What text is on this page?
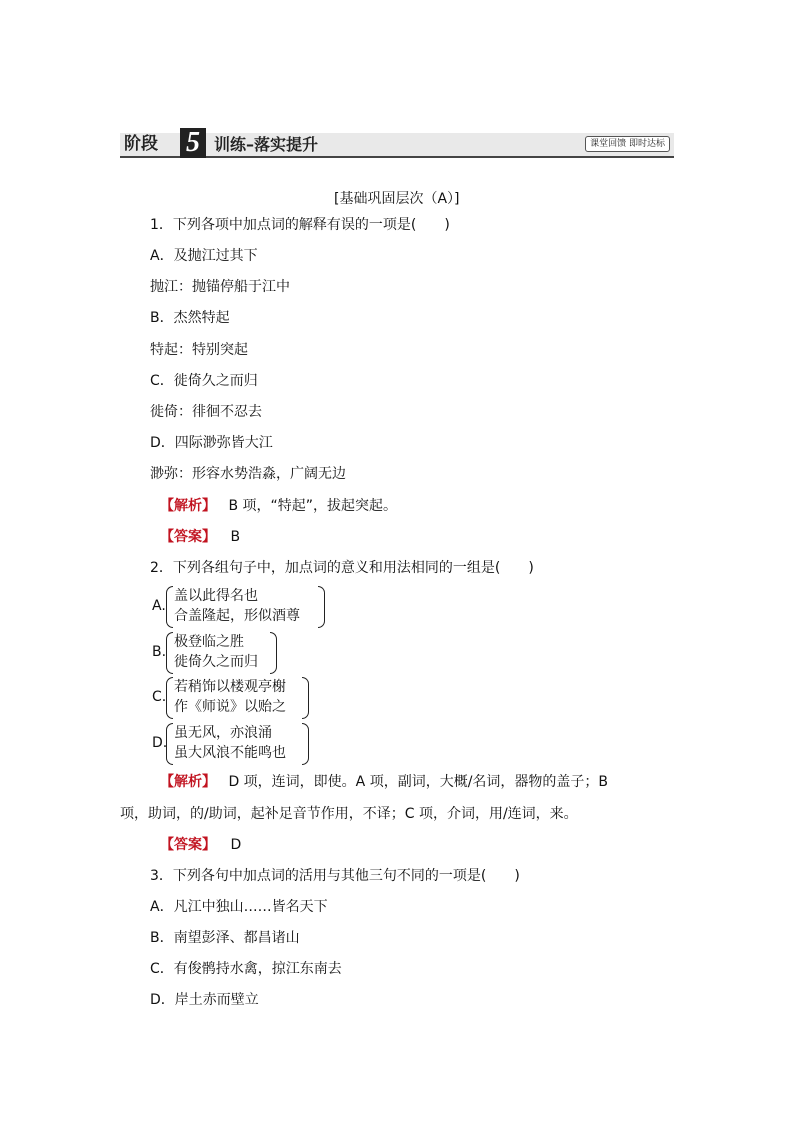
阶段 5 训练–落实提升	课堂回馈 即时达标
[基础巩固层次（A）]
1．下列各项中加点词的解释有误的一项是(　　)
A．及抛江过其下
抛江：抛锚停船于江中
B．杰然特起
特起：特别突起
C．徙倚久之而归
徙倚：徘徊不忍去
D．四际渺弥皆大江
渺弥：形容水势浩淼，广阔无边
【解析】 B 项，“特起”，拔起突起。
【答案】 B
2．下列各组句子中，加点词的意义和用法相同的一组是(　　)
A.
盖以此得名也
合盖隆起，形似酒尊
B.
极登临之胜
徙倚久之而归
C.
若稍饰以楼观亭榭
作《师说》以贻之
D.
虽无风，亦浪涌
虽大风浪不能鸣也
【解析】 D 项，连词，即使。A 项，副词，大概/名词，器物的盖子；B
项，助词，的/助词，起补足音节作用，不译；C 项，介词，用/连词，来。
【答案】 D
3．下列各句中加点词的活用与其他三句不同的一项是(　　)
A．凡江中独山……皆名天下
B．南望彭泽、都昌诸山
C．有俊鹘持水禽，掠江东南去
D．岸土赤而壁立
